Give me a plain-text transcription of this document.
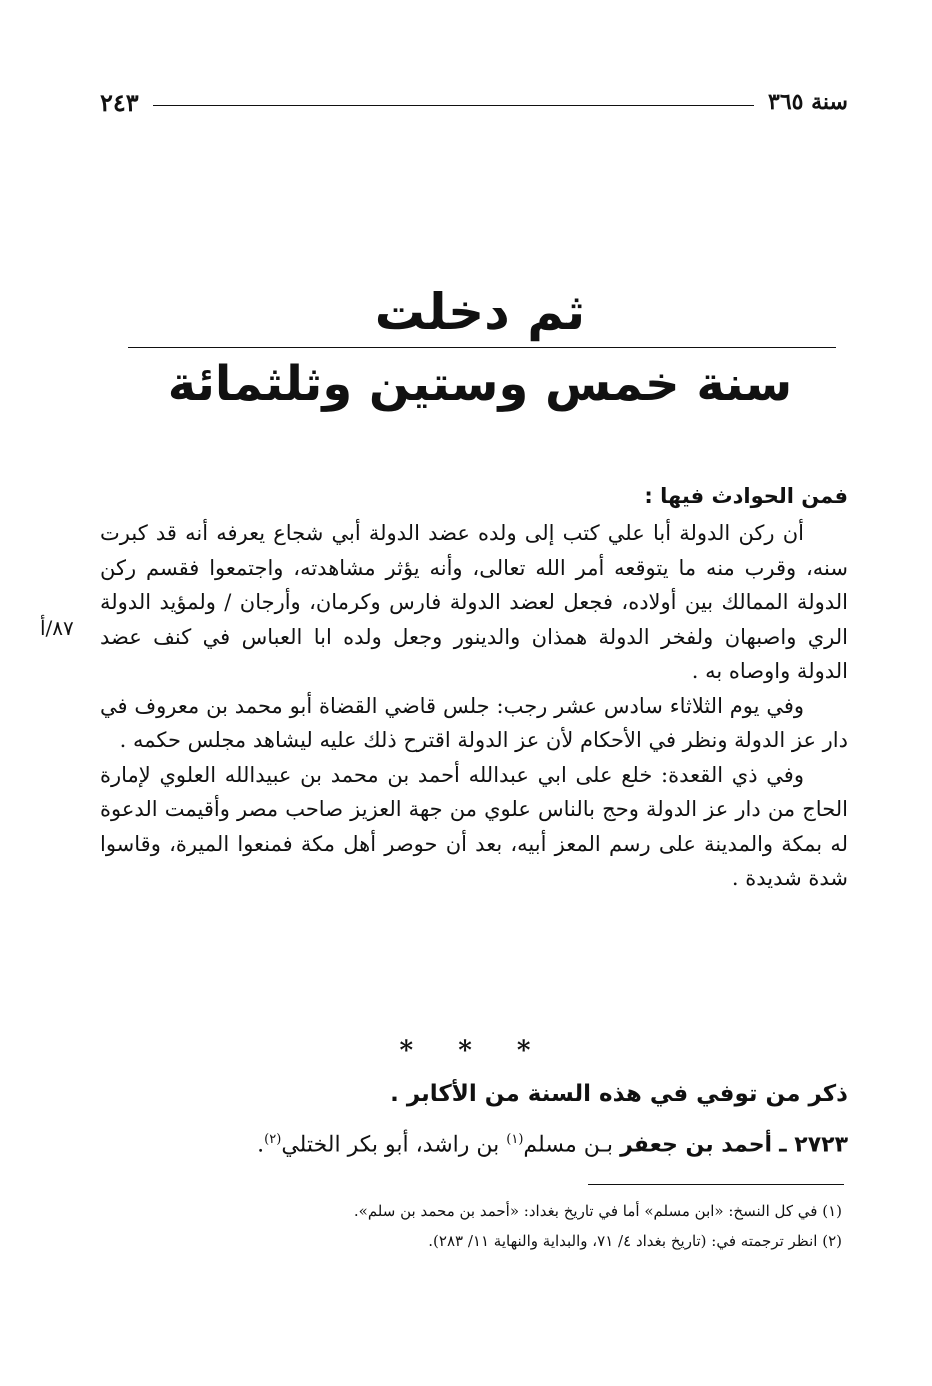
سنة ٣٦٥
٢٤٣
ثم دخلت
سنة خمس وستين وثلثمائة

فمن الحوادث فيها :

أن ركن الدولة أبا علي كتب إلى ولده عضد الدولة أبي شجاع يعرفه أنه قد كبرت سنه، وقرب منه ما يتوقعه أمر الله تعالى، وأنه يؤثر مشاهدته، واجتمعوا فقسم ركن الدولة الممالك بين أولاده، فجعل لعضد الدولة فارس وكرمان، وأرجان / ولمؤيد الدولة الري واصبهان ولفخر الدولة همذان والدينور وجعل ولده ابا العباس في كنف عضد الدولة واوصاه به .

وفي يوم الثلاثاء سادس عشر رجب: جلس قاضي القضاة أبو محمد بن معروف في دار عز الدولة ونظر في الأحكام لأن عز الدولة اقترح ذلك عليه ليشاهد مجلس حكمه .

وفي ذي القعدة: خلع على ابي عبدالله أحمد بن محمد بن عبيدالله العلوي لإمارة الحاج من دار عز الدولة وحج بالناس علوي من جهة العزيز صاحب مصر وأقيمت الدعوة له بمكة والمدينة على رسم المعز أبيه، بعد أن حوصر أهل مكة فمنعوا الميرة، وقاسوا شدة شديدة .

٨٧/أ
* * *
ذكر من توفي في هذه السنة من الأكابر .
٢٧٢٣ ـ أحمد بن جعفر بـن مسلم$^{(١)}$ بن راشد، أبو بكر الختلي$^{(٢)}$.

(١) في كل النسخ: «ابن مسلم» أما في تاريخ بغداد: «أحمد بن محمد بن سلم».

(٢) انظر ترجمته في: (تاريخ بغداد ٤/ ٧١، والبداية والنهاية ١١/ ٢٨٣).
